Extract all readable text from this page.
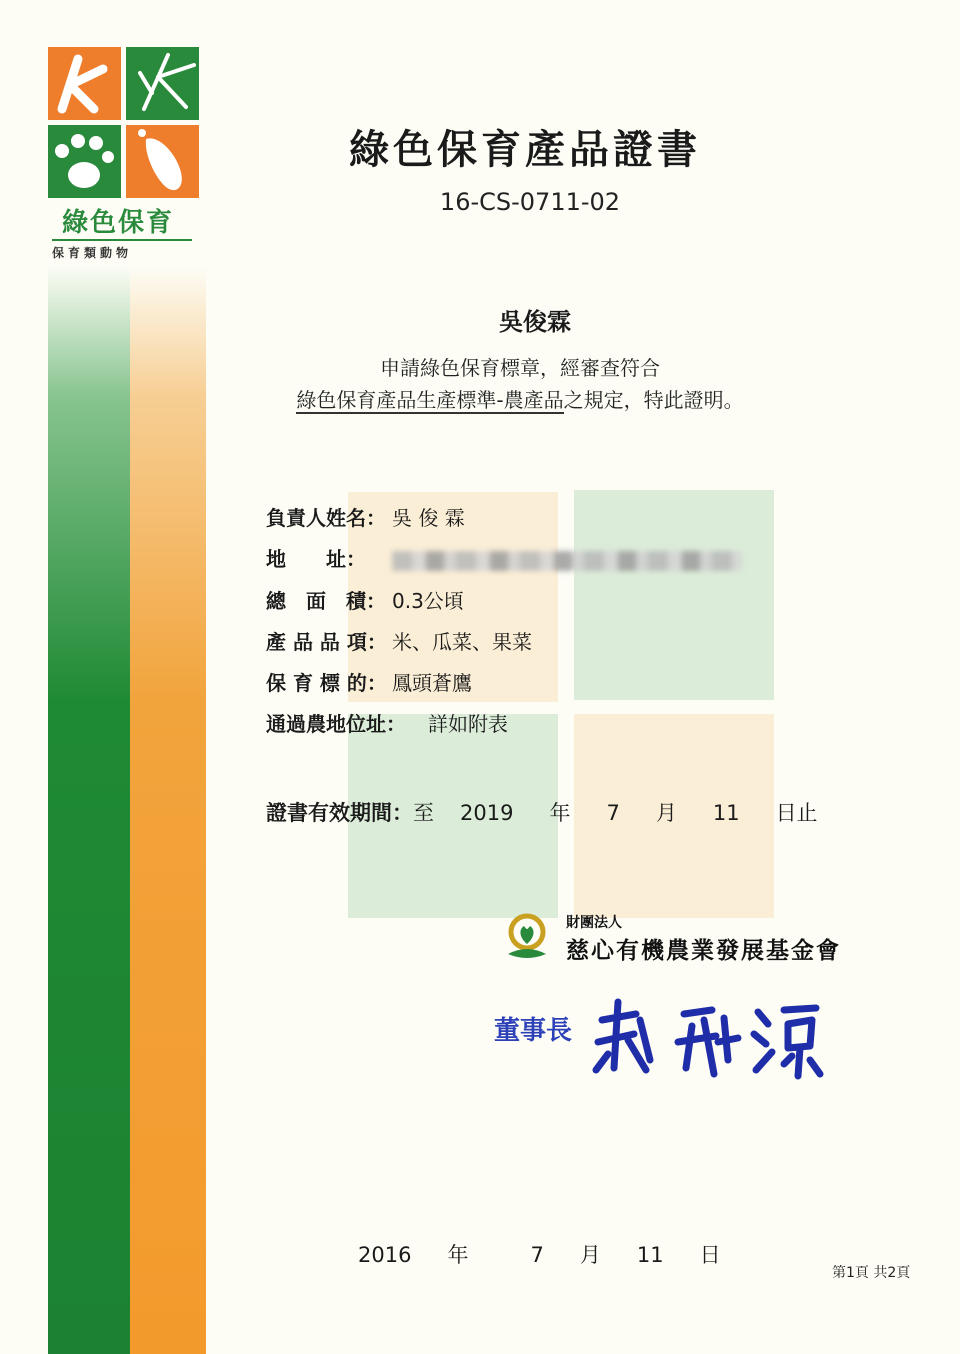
綠色保育
保育類動物
綠色保育產品證書
16-CS-0711-02
吳俊霖
申請綠色保育標章，經審查符合
綠色保育產品生產標準-農產品之規定，特此證明。
負責人姓名： 吳 俊 霖
地　　址：
總　面　積： 0.3公頃
產 品 品 項： 米、瓜菜、果菜
保 育 標 的： 鳳頭蒼鷹
通過農地位址： 詳如附表
證書有效期間：至 2019 年 7 月 11 日止
財團法人
慈心有機農業發展基金會
董事長
2016 年	7 月 11 日
第1頁 共2頁
